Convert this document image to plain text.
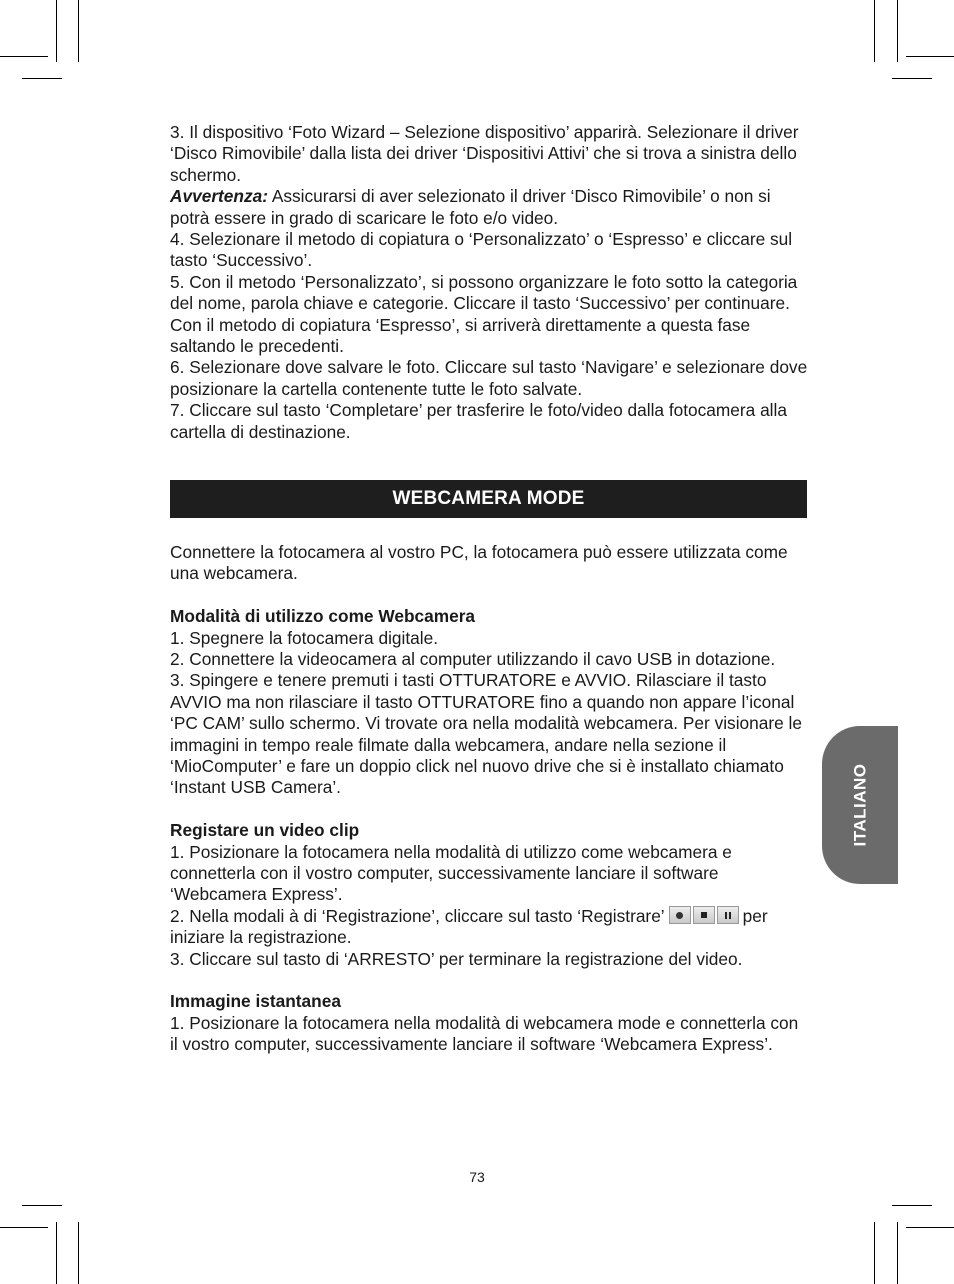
3. Il dispositivo ‘Foto Wizard – Selezione dispositivo’ apparirà. Selezionare il driver ‘Disco Rimovibile’ dalla lista dei driver ‘Dispositivi Attivi’ che si trova a sinistra dello schermo.

Avvertenza: Assicurarsi di aver selezionato il driver ‘Disco Rimovibile’ o non si potrà essere in grado di scaricare le foto e/o video.

4. Selezionare il metodo di copiatura o ‘Personalizzato’ o ‘Espresso’ e cliccare sul tasto ‘Successivo’.

5. Con il metodo ‘Personalizzato’, si possono organizzare le foto sotto la categoria del nome, parola chiave e categorie. Cliccare il tasto ‘Successivo’ per continuare. Con il metodo di copiatura ‘Espresso’, si arriverà direttamente a questa fase saltando le precedenti.

6. Selezionare dove salvare le foto. Cliccare sul tasto ‘Navigare’ e selezionare dove posizionare la cartella contenente tutte le foto salvate.

7. Cliccare sul tasto ‘Completare’ per trasferire le foto/video dalla fotocamera alla cartella di destinazione.

WEBCAMERA MODE

Connettere la fotocamera al vostro PC, la fotocamera può essere utilizzata come una webcamera.

Modalità di utilizzo come Webcamera

1. Spegnere la fotocamera digitale.

2. Connettere la videocamera al computer utilizzando il cavo USB in dotazione.

3. Spingere e tenere premuti i tasti OTTURATORE e AVVIO. Rilasciare il tasto AVVIO ma non rilasciare il tasto OTTURATORE fino a quando non appare l’iconal ‘PC CAM’ sullo schermo. Vi trovate ora nella modalità webcamera. Per visionare le immagini in tempo reale filmate dalla webcamera, andare nella sezione il ‘MioComputer’ e fare un doppio click nel nuovo drive che si è installato chiamato ‘Instant USB Camera’.

Registare un video clip

1. Posizionare la fotocamera nella modalità di utilizzo come webcamera e connetterla con il vostro computer, successivamente lanciare il software ‘Webcamera Express’.

2. Nella modali à di ‘Registrazione’, cliccare sul tasto ‘Registrare’	per iniziare la registrazione.

3. Cliccare sul tasto di ‘ARRESTO’ per terminare la registrazione del video.

Immagine istantanea

1. Posizionare la fotocamera nella modalità di webcamera mode e connetterla con il vostro computer, successivamente lanciare il software ‘Webcamera Express’.

ITALIANO
73
